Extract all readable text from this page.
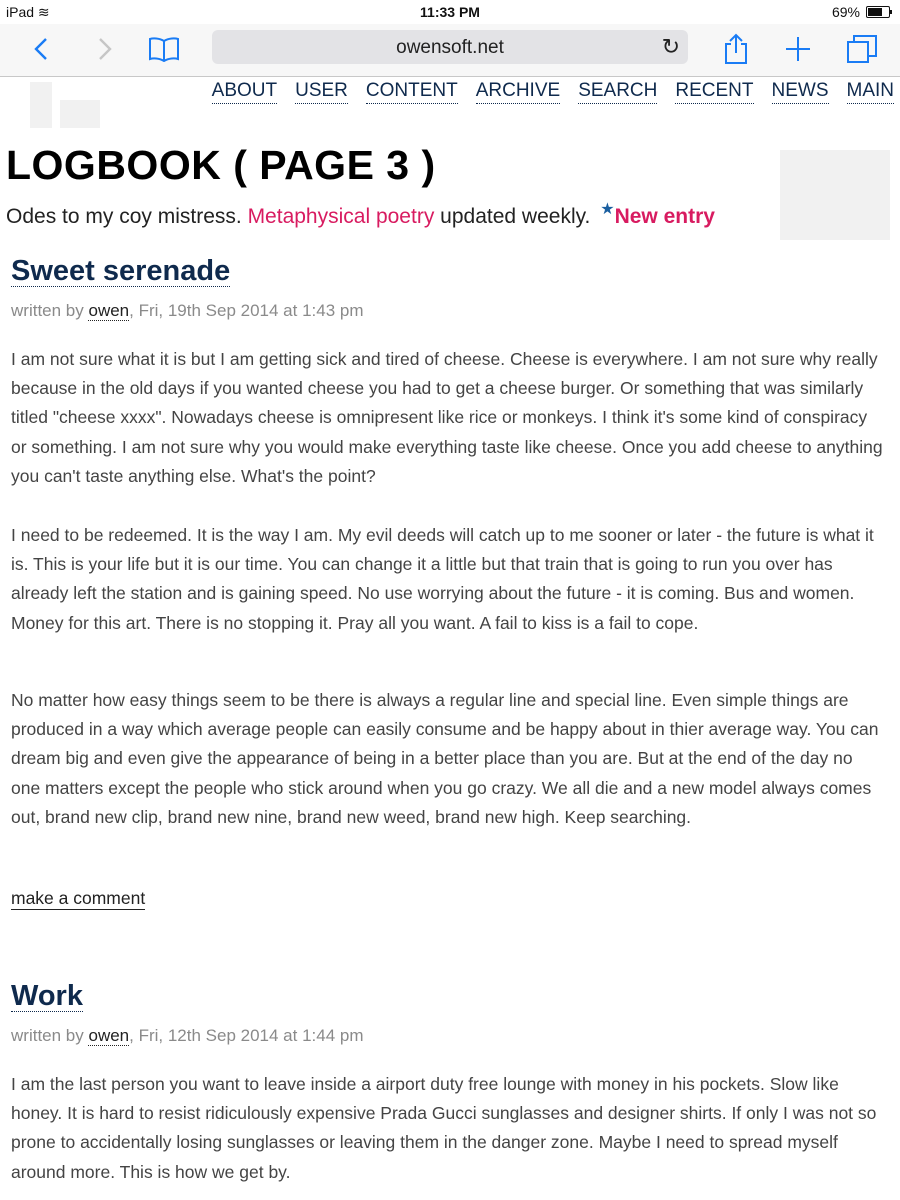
iPad ≋	11:33 PM	69%
owensoft.net	↻
ABOUT USER CONTENT ARCHIVE SEARCH RECENT NEWS MAIN
LOGBOOK ( PAGE 3 )
Odes to my coy mistress. Metaphysical poetry updated weekly. ★New entry
Sweet serenade
written by owen, Fri, 19th Sep 2014 at 1:43 pm
I am not sure what it is but I am getting sick and tired of cheese. Cheese is everywhere. I am not sure why really because in the old days if you wanted cheese you had to get a cheese burger. Or something that was similarly titled "cheese xxxx". Nowadays cheese is omnipresent like rice or monkeys. I think it's some kind of conspiracy or something. I am not sure why you would make everything taste like cheese. Once you add cheese to anything you can't taste anything else. What's the point?
I need to be redeemed. It is the way I am. My evil deeds will catch up to me sooner or later - the future is what it is. This is your life but it is our time. You can change it a little but that train that is going to run you over has already left the station and is gaining speed. No use worrying about the future - it is coming. Bus and women. Money for this art. There is no stopping it. Pray all you want. A fail to kiss is a fail to cope.
No matter how easy things seem to be there is always a regular line and special line. Even simple things are produced in a way which average people can easily consume and be happy about in thier average way. You can dream big and even give the appearance of being in a better place than you are. But at the end of the day no one matters except the people who stick around when you go crazy. We all die and a new model always comes out, brand new clip, brand new nine, brand new weed, brand new high. Keep searching.
make a comment
Work
written by owen, Fri, 12th Sep 2014 at 1:44 pm
I am the last person you want to leave inside a airport duty free lounge with money in his pockets. Slow like honey. It is hard to resist ridiculously expensive Prada Gucci sunglasses and designer shirts. If only I was not so prone to accidentally losing sunglasses or leaving them in the danger zone. Maybe I need to spread myself around more. This is how we get by.
